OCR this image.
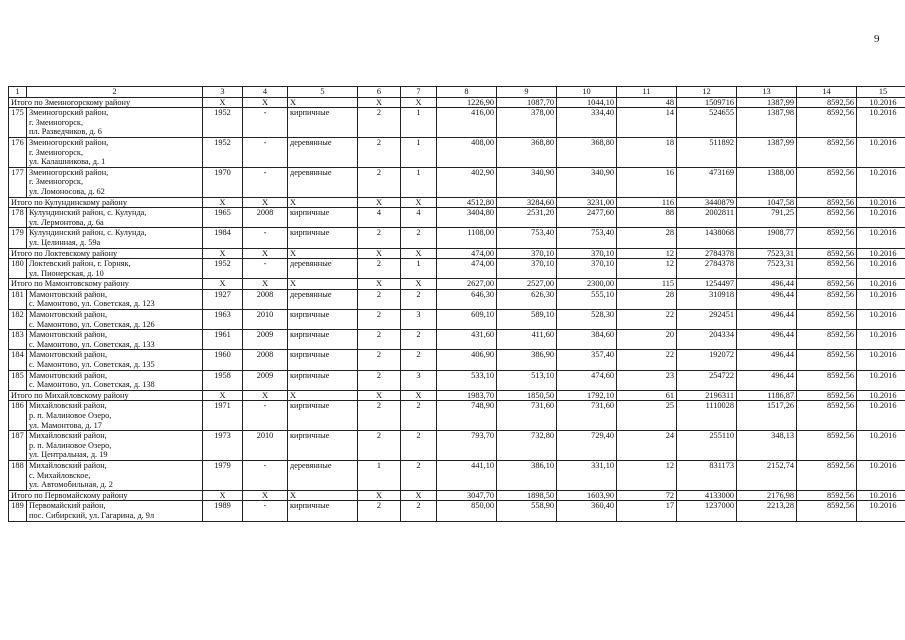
9
1	2	3	4	5	6	7	8	9	10	11	12	13	14	15
Итого по Змеиногорскому району		X	X	X	X	X	1226,90	1087,70	1044,10	48	1509716	1387,99	8592,56	10.2016
175	Змеиногорский район,
г. Змеиногорск,
пл. Разведчиков, д. 6	1952	-	кирпичные	2	1	416,00	378,00	334,40	14	524655	1387,98	8592,56	10.2016
176	Змеиногорский район,
г. Змеиногорск,
ул. Калашникова, д. 1	1952	-	деревянные	2	1	408,00	368,80	368,80	18	511892	1387,99	8592,56	10.2016
177	Змеиногорский район,
г. Змеиногорск,
ул. Ломоносова, д. 62	1970	-	деревянные	2	1	402,90	340,90	340,90	16	473169	1388,00	8592,56	10.2016
Итого по Кулундинскому району		X	X	X	X	X	4512,80	3284,60	3231,00	116	3440879	1047,58	8592,56	10.2016
178	Кулундинский район, с. Кулунда,
ул. Лермонтова, д. 6а	1965	2008	кирпичные	4	4	3404,80	2531,20	2477,60	88	2002811	791,25	8592,56	10.2016
179	Кулундинский район, с. Кулунда,
ул. Целинная, д. 59а	1984	-	кирпичные	2	2	1108,00	753,40	753,40	28	1438068	1908,77	8592,56	10.2016
Итого по Локтевскому району		X	X	X	X	X	474,00	370,10	370,10	12	2784378	7523,31	8592,56	10.2016
180	Локтевский район, г. Горняк,
ул. Пионерская, д. 10	1952	-	деревянные	2	1	474,00	370,10	370,10	12	2784378	7523,31	8592,56	10.2016
Итого по Мамонтовскому району		X	X	X	X	X	2627,00	2527,00	2300,00	115	1254497	496,44	8592,56	10.2016
181	Мамонтовский район,
с. Мамонтово, ул. Советская, д. 123	1927	2008	деревянные	2	2	646,30	626,30	555,10	28	310918	496,44	8592,56	10.2016
182	Мамонтовский район,
с. Мамонтово, ул. Советская, д. 126	1963	2010	кирпичные	2	3	609,10	589,10	528,30	22	292451	496,44	8592,56	10.2016
183	Мамонтовский район,
с. Мамонтово, ул. Советская, д. 133	1961	2009	кирпичные	2	2	431,60	411,60	384,60	20	204334	496,44	8592,56	10.2016
184	Мамонтовский район,
с. Мамонтово, ул. Советская, д. 135	1960	2008	кирпичные	2	2	406,90	386,90	357,40	22	192072	496,44	8592,56	10.2016
185	Мамонтовский район,
с. Мамонтово, ул. Советская, д. 138	1958	2009	кирпичные	2	3	533,10	513,10	474,60	23	254722	496,44	8592,56	10.2016
Итого по Михайловскому району		X	X	X	X	X	1983,70	1850,50	1792,10	61	2196311	1186,87	8592,56	10.2016
186	Михайловский район,
р. п. Малиновое Озеро,
ул. Мамонтова, д. 17	1971	-	кирпичные	2	2	748,90	731,60	731,60	25	1110028	1517,26	8592,56	10.2016
187	Михайловский район,
р. п. Малиновое Озеро,
ул. Центральная, д. 19	1973	2010	кирпичные	2	2	793,70	732,80	729,40	24	255110	348,13	8592,56	10.2016
188	Михайловский район,
с. Михайловское,
ул. Автомобильная, д. 2	1979	-	деревянные	1	2	441,10	386,10	331,10	12	831173	2152,74	8592,56	10.2016
Итого по Первомайскому району		X	X	X	X	X	3047,70	1898,50	1603,90	72	4133000	2176,98	8592,56	10.2016
189	Первомайский район,
пос. Сибирский, ул. Гагарина, д. 9л	1989	-	кирпичные	2	2	850,00	558,90	360,40	17	1237000	2213,28	8592,56	10.2016
